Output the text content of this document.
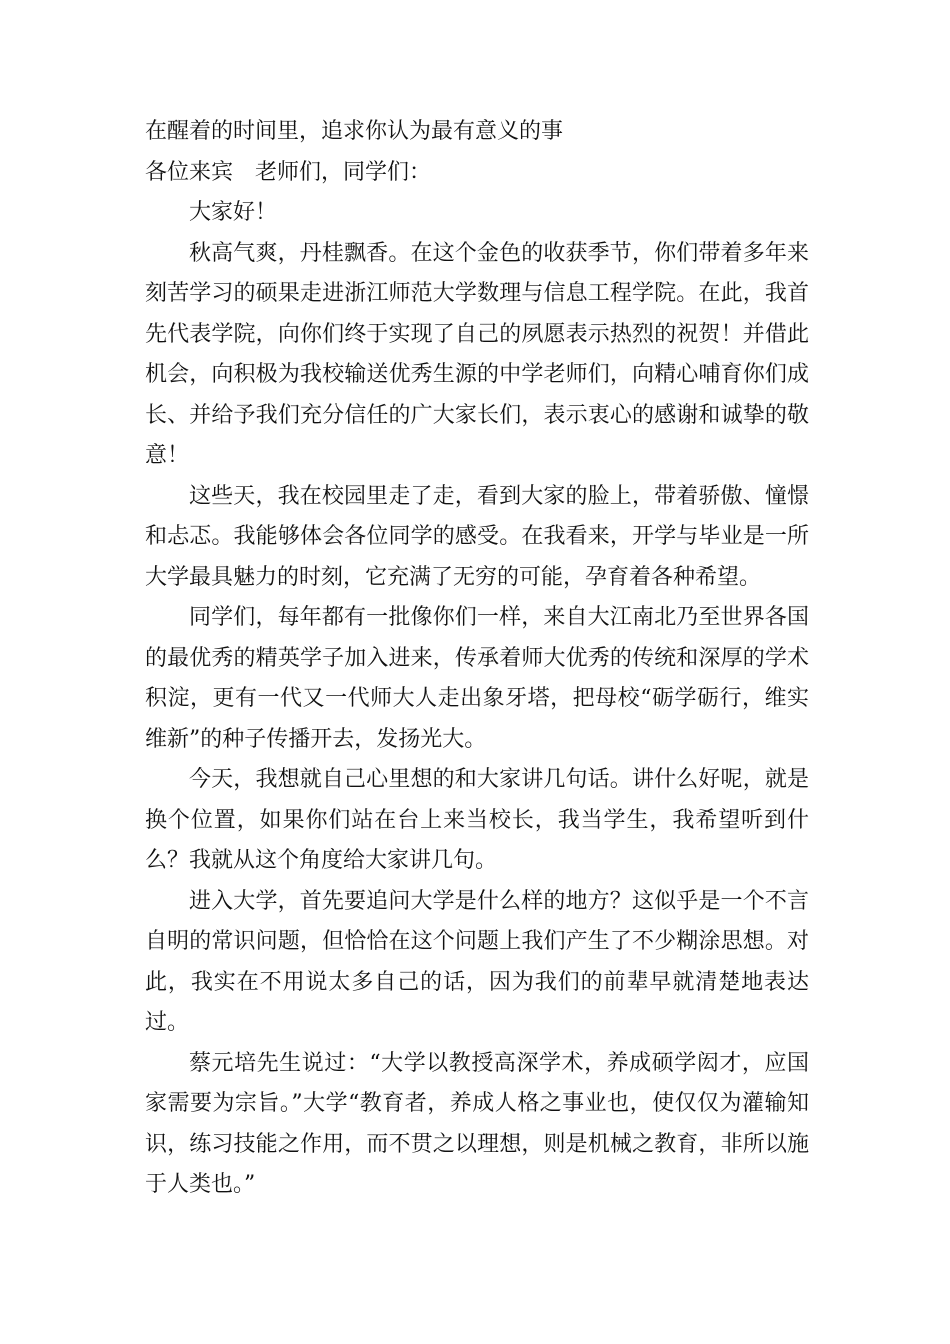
在醒着的时间里，追求你认为最有意义的事

各位来宾　老师们，同学们：

大家好！

秋高气爽，丹桂飘香。在这个金色的收获季节，你们带着多年来刻苦学习的硕果走进浙江师范大学数理与信息工程学院。在此，我首先代表学院，向你们终于实现了自己的夙愿表示热烈的祝贺！并借此机会，向积极为我校输送优秀生源的中学老师们，向精心哺育你们成长、并给予我们充分信任的广大家长们，表示衷心的感谢和诚挚的敬意！

这些天，我在校园里走了走，看到大家的脸上，带着骄傲、憧憬和忐忑。我能够体会各位同学的感受。在我看来，开学与毕业是一所大学最具魅力的时刻，它充满了无穷的可能，孕育着各种希望。

同学们，每年都有一批像你们一样，来自大江南北乃至世界各国的最优秀的精英学子加入进来，传承着师大优秀的传统和深厚的学术积淀，更有一代又一代师大人走出象牙塔，把母校“砺学砺行，维实维新”的种子传播开去，发扬光大。

今天，我想就自己心里想的和大家讲几句话。讲什么好呢，就是换个位置，如果你们站在台上来当校长，我当学生，我希望听到什么？我就从这个角度给大家讲几句。

进入大学，首先要追问大学是什么样的地方？这似乎是一个不言自明的常识问题，但恰恰在这个问题上我们产生了不少糊涂思想。对此，我实在不用说太多自己的话，因为我们的前辈早就清楚地表达过。

蔡元培先生说过：“大学以教授高深学术，养成硕学闳才，应国家需要为宗旨。”大学“教育者，养成人格之事业也，使仅仅为灌输知识，练习技能之作用，而不贯之以理想，则是机械之教育，非所以施于人类也。”
